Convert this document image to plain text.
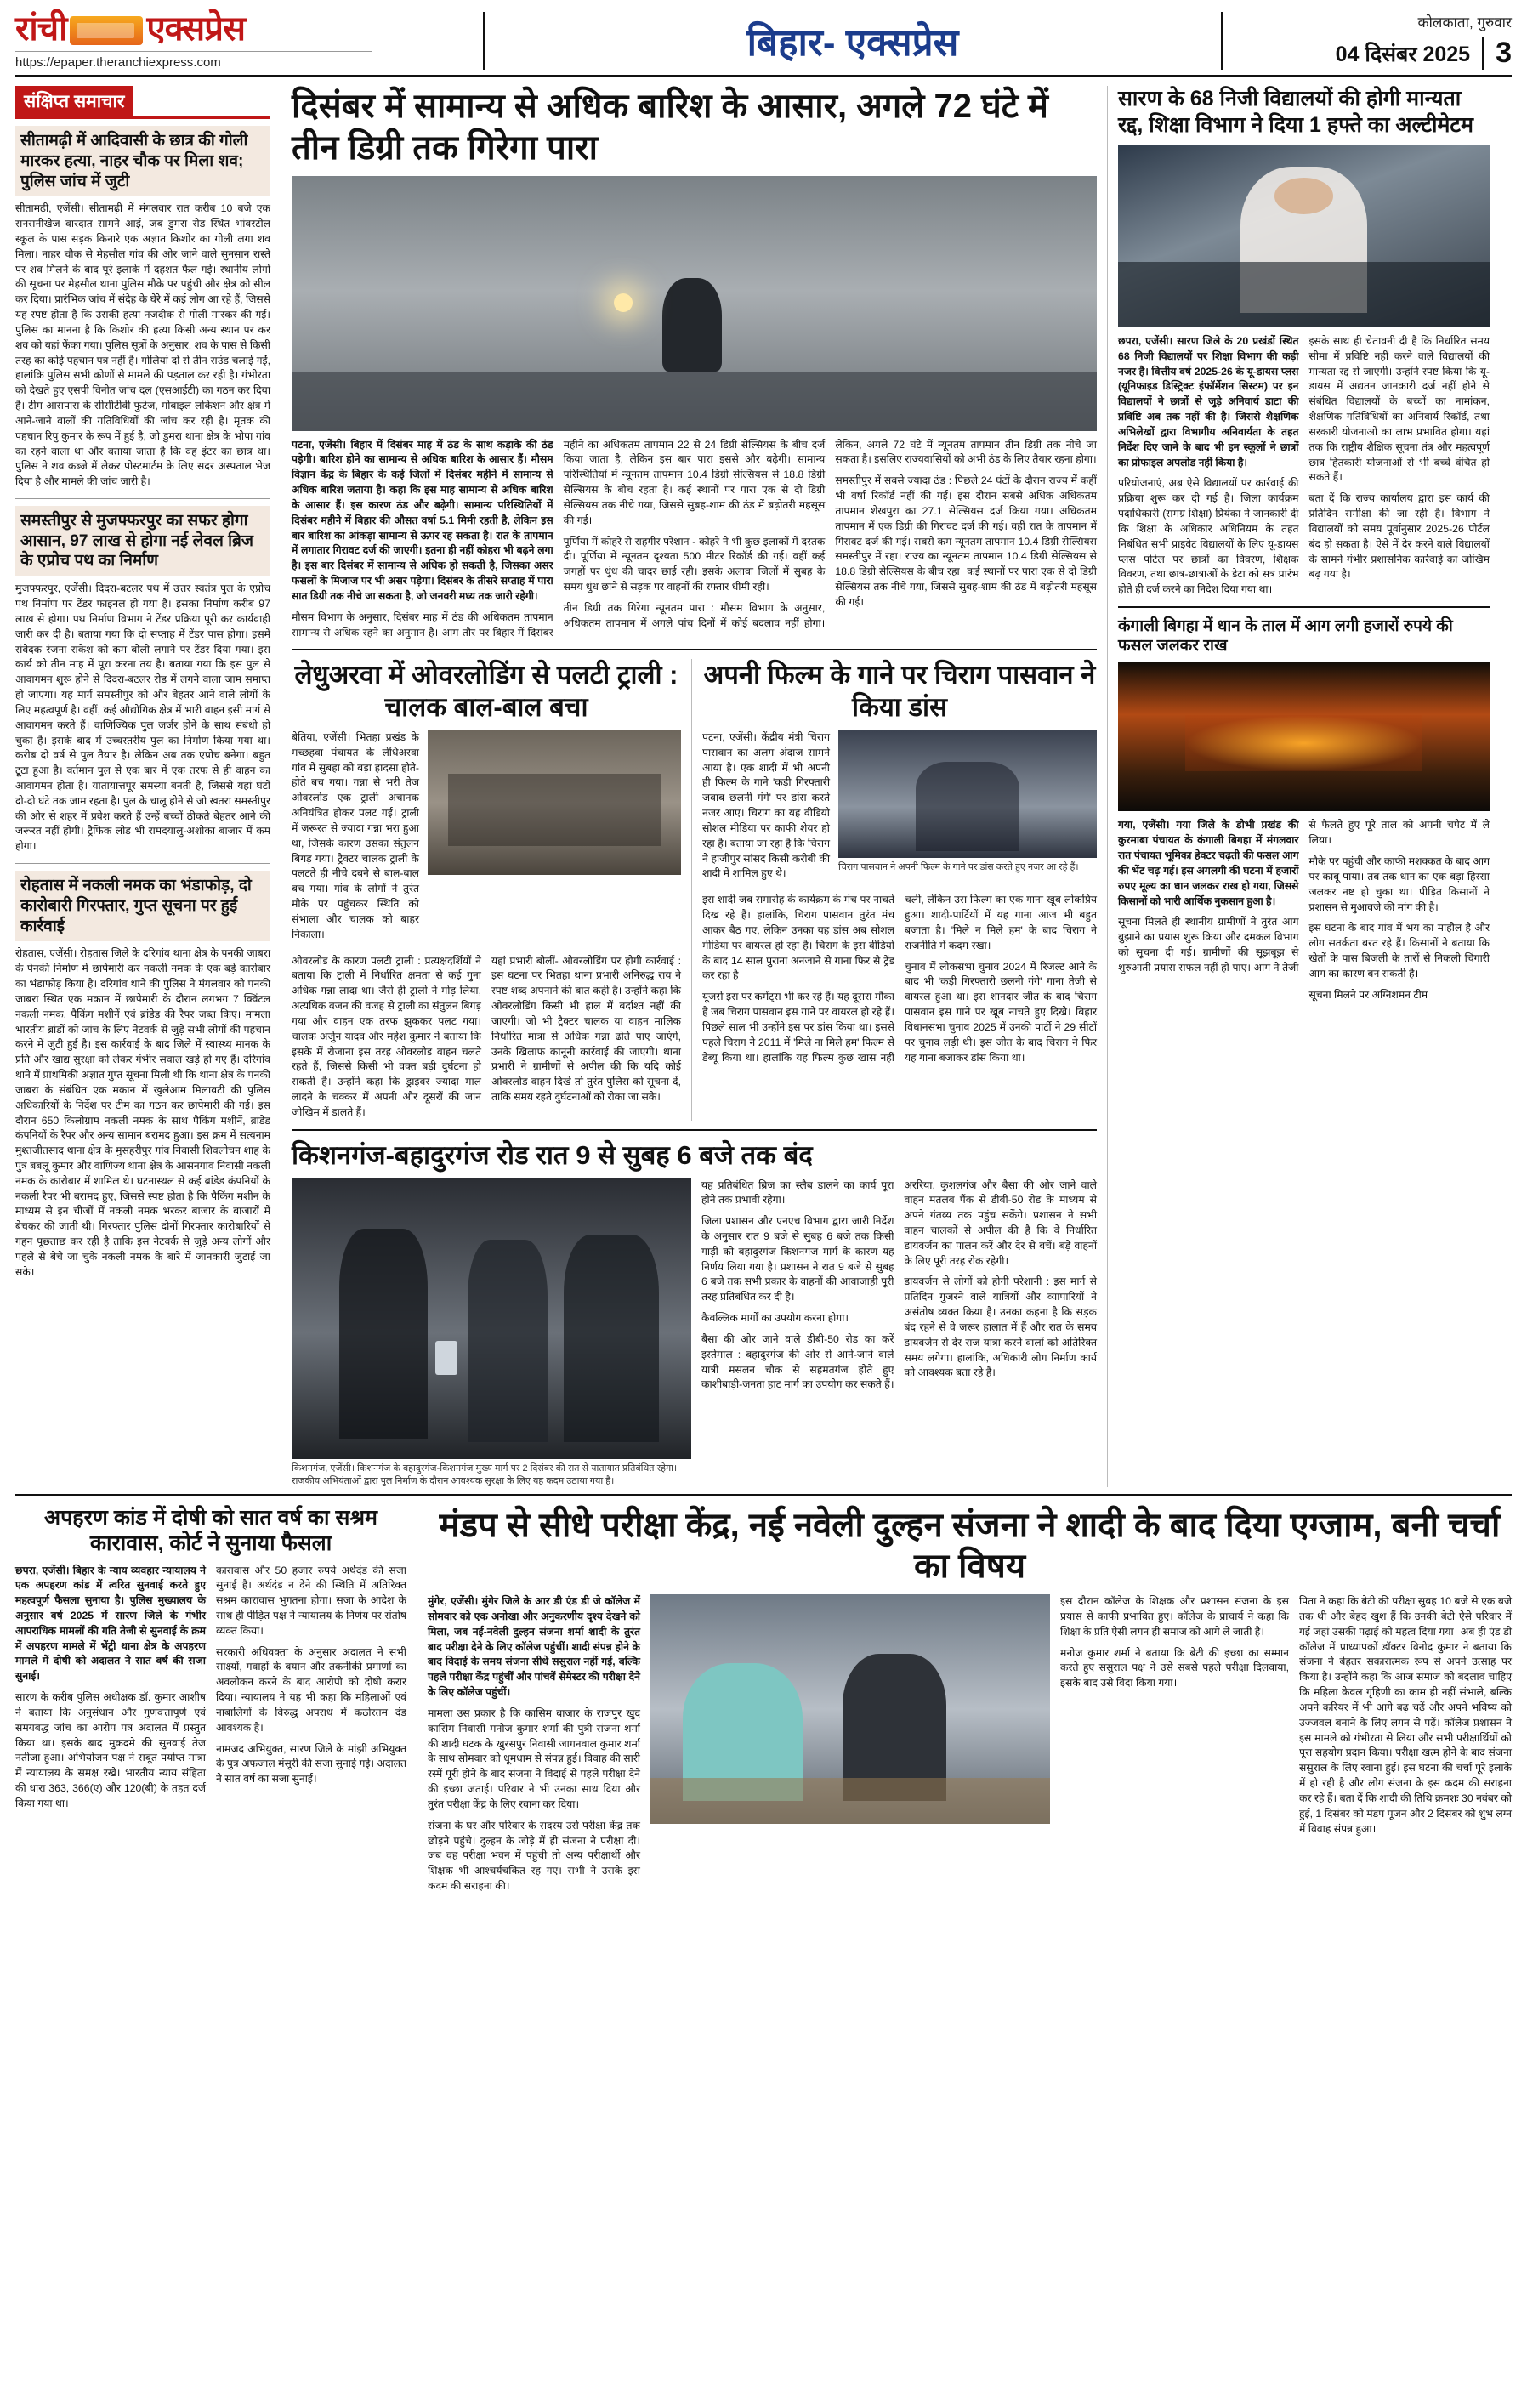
रांची एक्सप्रेस
https://epaper.theranchiexpress.com	बिहार- एक्सप्रेस	कोलकाता, गुरुवार
04 दिसंबर 2025 3
संक्षिप्त समाचार
सीतामढ़ी में आदिवासी के छात्र की गोली मारकर हत्या, नाहर चौक पर मिला शव; पुलिस जांच में जुटी

सीतामढ़ी, एजेंसी। सीतामढ़ी में मंगलवार रात करीब 10 बजे एक सनसनीखेज वारदात सामने आई, जब डुमरा रोड स्थित भांवरटोल स्कूल के पास सड़क किनारे एक अज्ञात किशोर का गोली लगा शव मिला। नाहर चौक से मेहसौल गांव की ओर जाने वाले सुनसान रास्ते पर शव मिलने के बाद पूरे इलाके में दहशत फैल गई। स्थानीय लोगों की सूचना पर मेहसौल थाना पुलिस मौके पर पहुंची और क्षेत्र को सील कर दिया। प्रारंभिक जांच में संदेह के घेरे में कई लोग आ रहे हैं, जिससे यह स्पष्ट होता है कि उसकी हत्या नजदीक से गोली मारकर की गई। पुलिस का मानना है कि किशोर की हत्या किसी अन्य स्थान पर कर शव को यहां फेंका गया। पुलिस सूत्रों के अनुसार, शव के पास से किसी तरह का कोई पहचान पत्र नहीं है। गोलियां दो से तीन राउंड चलाई गईं, हालांकि पुलिस सभी कोणों से मामले की पड़ताल कर रही है। गंभीरता को देखते हुए एसपी विनीत जांच दल (एसआईटी) का गठन कर दिया है। टीम आसपास के सीसीटीवी फुटेज, मोबाइल लोकेशन और क्षेत्र में आने-जाने वालों की गतिविधियों की जांच कर रही है। मृतक की पहचान रिपु कुमार के रूप में हुई है, जो डुमरा थाना क्षेत्र के भोपा गांव का रहने वाला था और बताया जाता है कि वह इंटर का छात्र था। पुलिस ने शव कब्जे में लेकर पोस्टमार्टम के लिए सदर अस्पताल भेज दिया है और मामले की जांच जारी है।

समस्तीपुर से मुजफ्फरपुर का सफर होगा आसान, 97 लाख से होगा नई लेवल ब्रिज के एप्रोच पथ का निर्माण

मुजफ्फरपुर, एजेंसी। दिदरा-बटलर पथ में उत्तर स्वतंत्र पुल के एप्रोच पथ निर्माण पर टेंडर फाइनल हो गया है। इसका निर्माण करीब 97 लाख से होगा। पथ निर्माण विभाग ने टेंडर प्रक्रिया पूरी कर कार्यवाही जारी कर दी है। बताया गया कि दो सप्ताह में टेंडर पास होगा। इसमें संवेदक रंजना राकेश को कम बोली लगाने पर टेंडर दिया गया। इस कार्य को तीन माह में पूरा करना तय है। बताया गया कि इस पुल से आवागमन शुरू होने से दिदरा-बटलर रोड में लगने वाला जाम समाप्त हो जाएगा। यह मार्ग समस्तीपुर को और बेहतर आने वाले लोगों के लिए महत्वपूर्ण है। वहीं, कई औद्योगिक क्षेत्र में भारी वाहन इसी मार्ग से आवागमन करते हैं। वाणिज्यिक पुल जर्जर होने के साथ संबंधी हो चुका है। इसके बाद में उच्चस्तरीय पुल का निर्माण किया गया था। करीब दो वर्ष से पुल तैयार है। लेकिन अब तक एप्रोच बनेगा। बहुत टूटा हुआ है। वर्तमान पुल से एक बार में एक तरफ से ही वाहन का आवागमन होता है। यातायात्तपूर समस्या बनती है, जिससे यहां घंटों दो-दो घंटे तक जाम रहता है। पुल के चालू होने से जो खतरा समस्तीपुर की ओर से शहर में प्रवेश करते हैं उन्हें बच्चों ठीकते बेहतर आने की जरूरत नहीं होगी। ट्रैफिक लोड भी रामदयालु-अशोका बाजार में कम होगा।

रोहतास में नकली नमक का भंडाफोड़, दो कारोबारी गिरफ्तार, गुप्त सूचना पर हुई कार्रवाई

रोहतास, एजेंसी। रोहतास जिले के दरिगांव थाना क्षेत्र के पनकी जाबरा के पेनकी निर्माण में छापेमारी कर नकली नमक के एक बड़े कारोबार का भंडाफोड़ किया है। दरिगांव थाने की पुलिस ने मंगलवार को पनकी जाबरा स्थित एक मकान में छापेमारी के दौरान लगभग 7 क्विंटल नकली नमक, पैकिंग मशीनें एवं ब्रांडेड की रैपर जब्त किए। मामला भारतीय ब्रांडों को जांच के लिए नेटवर्क से जुड़े सभी लोगों की पहचान करने में जुटी हुई है। इस कार्रवाई के बाद जिले में स्वास्थ्य मानक के प्रति और खाद्य सुरक्षा को लेकर गंभीर सवाल खड़े हो गए हैं। दरिगांव थाने में प्राथमिकी अज्ञात गुप्त सूचना मिली थी कि थाना क्षेत्र के पनकी जाबरा के संबंधित एक मकान में खुलेआम मिलावटी की पुलिस अधिकारियों के निर्देश पर टीम का गठन कर छापेमारी की गई। इस दौरान 650 किलोग्राम नकली नमक के साथ पैकिंग मशीनें, ब्रांडेड कंपनियों के रैपर और अन्य सामान बरामद हुआ। इस क्रम में सत्यनाम मुश्तजीतसाद थाना क्षेत्र के मुसहरीपुर गांव निवासी शिवलोचन शाह के पुत्र बबलू कुमार और वाणिज्य थाना क्षेत्र के आसनगांव निवासी नकली नमक के कारोबार में शामिल थे। घटनास्थल से कई ब्रांडेड कंपनियों के नकली रैपर भी बरामद हुए, जिससे स्पष्ट होता है कि पैकिंग मशीन के माध्यम से इन चीजों में नकली नमक भरकर बाजार के बाजारों में बेचकर की जाती थी। गिरफ्तार पुलिस दोनों गिरफ्तार कारोबारियों से गहन पूछताछ कर रही है ताकि इस नेटवर्क से जुड़े अन्य लोगों और पहले से बेचे जा चुके नकली नमक के बारे में जानकारी जुटाई जा सके।

दिसंबर में सामान्य से अधिक बारिश के आसार, अगले 72 घंटे में तीन डिग्री तक गिरेगा पारा

पटना, एजेंसी। बिहार में दिसंबर माह में ठंड के साथ कड़ाके की ठंड पड़ेगी। बारिश होने का सामान्य से अधिक बारिश के आसार हैं। मौसम विज्ञान केंद्र के बिहार के कई जिलों में दिसंबर महीने में सामान्य से अधिक बारिश जताया है। कहा कि इस माह सामान्य से अधिक बारिश के आसार हैं। इस कारण ठंड और बढ़ेगी। सामान्य परिस्थितियों में दिसंबर महीने में बिहार की औसत वर्षा 5.1 मिमी रहती है, लेकिन इस बार बारिश का आंकड़ा सामान्य से ऊपर रह सकता है। रात के तापमान में लगातार गिरावट दर्ज की जाएगी। इतना ही नहीं कोहरा भी बढ़ने लगा है। इस बार दिसंबर में सामान्य से अधिक हो सकती है, जिसका असर फसलों के मिजाज पर भी असर पड़ेगा। दिसंबर के तीसरे सप्ताह में पारा सात डिग्री तक नीचे जा सकता है, जो जनवरी मध्य तक जारी रहेगी।

मौसम विभाग के अनुसार, दिसंबर माह में ठंड की अधिकतम तापमान सामान्य से अधिक रहने का अनुमान है। आम तौर पर बिहार में दिसंबर महीने का अधिकतम तापमान 22 से 24 डिग्री सेल्सियस के बीच दर्ज किया जाता है, लेकिन इस बार पारा इससे और बढ़ेगी। सामान्य परिस्थितियों में न्यूनतम तापमान 10.4 डिग्री सेल्सियस से 18.8 डिग्री सेल्सियस के बीच रहता है। कई स्थानों पर पारा एक से दो डिग्री सेल्सियस तक नीचे गया, जिससे सुबह-शाम की ठंड में बढ़ोतरी महसूस की गई।

पूर्णिया में कोहरे से राहगीर परेशान - कोहरे ने भी कुछ इलाकों में दस्तक दी। पूर्णिया में न्यूनतम दृश्यता 500 मीटर रिकॉर्ड की गई। वहीं कई जगहों पर धुंध की चादर छाई रही। इसके अलावा जिलों में सुबह के समय धुंध छाने से सड़क पर वाहनों की रफ्तार धीमी रही।

तीन डिग्री तक गिरेगा न्यूनतम पारा : मौसम विभाग के अनुसार, अधिकतम तापमान में अगले पांच दिनों में कोई बदलाव नहीं होगा। लेकिन, अगले 72 घंटे में न्यूनतम तापमान तीन डिग्री तक नीचे जा सकता है। इसलिए राज्यवासियों को अभी ठंड के लिए तैयार रहना होगा।

समस्तीपुर में सबसे ज्यादा ठंड : पिछले 24 घंटों के दौरान राज्य में कहीं भी वर्षा रिकॉर्ड नहीं की गई। इस दौरान सबसे अधिक अधिकतम तापमान शेखपुरा का 27.1 सेल्सियस दर्ज किया गया। अधिकतम तापमान में एक डिग्री की गिरावट दर्ज की गई। वहीं रात के तापमान में गिरावट दर्ज की गई। सबसे कम न्यूनतम तापमान 10.4 डिग्री सेल्सियस समस्तीपुर में रहा। राज्य का न्यूनतम तापमान 10.4 डिग्री सेल्सियस से 18.8 डिग्री सेल्सियस के बीच रहा। कई स्थानों पर पारा एक से दो डिग्री सेल्सियस तक नीचे गया, जिससे सुबह-शाम की ठंड में बढ़ोतरी महसूस की गई।

लेधुअरवा में ओवरलोडिंग से पलटी ट्राली : चालक बाल-बाल बचा

बेतिया, एजेंसी। भितहा प्रखंड के मच्छहवा पंचायत के लेधिअरवा गांव में सुबहा को बड़ा हादसा होते-होते बच गया। गन्ना से भरी तेज ओवरलोड एक ट्राली अचानक अनियंत्रित होकर पलट गई। ट्राली में जरूरत से ज्यादा गन्ना भरा हुआ था, जिसके कारण उसका संतुलन बिगड़ गया। ट्रैक्टर चालक ट्राली के पलटते ही नीचे दबने से बाल-बाल बच गया। गांव के लोगों ने तुरंत मौके पर पहुंचकर स्थिति को संभाला और चालक को बाहर निकाला।

ओवरलोड के कारण पलटी ट्राली : प्रत्यक्षदर्शियों ने बताया कि ट्राली में निर्धारित क्षमता से कई गुना अधिक गन्ना लादा था। जैसे ही ट्राली ने मोड़ लिया, अत्यधिक वजन की वजह से ट्राली का संतुलन बिगड़ गया और वाहन एक तरफ झुककर पलट गया। चालक अर्जुन यादव और महेश कुमार ने बताया कि इसके में रोजाना इस तरह ओवरलोड वाहन चलते रहते हैं, जिससे किसी भी वक्त बड़ी दुर्घटना हो सकती है। उन्होंने कहा कि ड्राइवर ज्यादा माल लादने के चक्कर में अपनी और दूसरों की जान जोखिम में डालते हैं।

यहां प्रभारी बोलीं- ओवरलोडिंग पर होगी कार्रवाई : इस घटना पर भितहा थाना प्रभारी अनिरुद्ध राय ने स्पष्ट शब्द अपनाने की बात कही है। उन्होंने कहा कि ओवरलोडिंग किसी भी हाल में बर्दाश्त नहीं की जाएगी। जो भी ट्रैक्टर चालक या वाहन मालिक निर्धारित मात्रा से अधिक गन्ना ढोते पाए जाएंगे, उनके खिलाफ कानूनी कार्रवाई की जाएगी। थाना प्रभारी ने ग्रामीणों से अपील की कि यदि कोई ओवरलोड वाहन दिखे तो तुरंत पुलिस को सूचना दें, ताकि समय रहते दुर्घटनाओं को रोका जा सके।

अपनी फिल्म के गाने पर चिराग पासवान ने किया डांस

पटना, एजेंसी। केंद्रीय मंत्री चिराग पासवान का अलग अंदाज सामने आया है। एक शादी में भी अपनी ही फिल्म के गाने 'कड़ी गिरफ्तारी जवाब छलनी गंगे' पर डांस करते नजर आए। चिराग का यह वीडियो सोशल मीडिया पर काफी शेयर हो रहा है। बताया जा रहा है कि चिराग ने हाजीपुर सांसद किसी करीबी की शादी में शामिल हुए थे।

चिराग पासवान ने अपनी फिल्म के गाने पर डांस करते हुए नजर आ रहे हैं।

इस शादी जब समारोह के कार्यक्रम के मंच पर नाचते दिख रहे हैं। हालांकि, चिराग पासवान तुरंत मंच आकर बैठ गए, लेकिन उनका यह डांस अब सोशल मीडिया पर वायरल हो रहा है। चिराग के इस वीडियो के बाद 14 साल पुराना अनजाने से गाना फिर से ट्रेंड कर रहा है।

यूजर्स इस पर कमेंट्स भी कर रहे हैं। यह दूसरा मौका है जब चिराग पासवान इस गाने पर वायरल हो रहे हैं। पिछले साल भी उन्होंने इस पर डांस किया था। इससे पहले चिराग ने 2011 में 'मिले ना मिले हम' फिल्म से डेब्यू किया था। हालांकि यह फिल्म कुछ खास नहीं चली, लेकिन उस फिल्म का एक गाना खूब लोकप्रिय हुआ। शादी-पार्टियों में यह गाना आज भी बहुत बजाता है। 'मिले न मिले हम' के बाद चिराग ने राजनीति में कदम रखा।

चुनाव में लोकसभा चुनाव 2024 में रिजल्ट आने के बाद भी 'कड़ी गिरफ्तारी छलनी गंगे' गाना तेजी से वायरल हुआ था। इस शानदार जीत के बाद चिराग पासवान इस गाने पर खूब नाचते हुए दिखे। बिहार विधानसभा चुनाव 2025 में उनकी पार्टी ने 29 सीटों पर चुनाव लड़ी थी। इस जीत के बाद चिराग ने फिर यह गाना बजाकर डांस किया था।

किशनगंज-बहादुरगंज रोड रात 9 से सुबह 6 बजे तक बंद
किशनगंज, एजेंसी। किशनगंज के बहादुरगंज-किशनगंज मुख्य मार्ग पर 2 दिसंबर की रात से यातायात प्रतिबंधित रहेगा। राजकीय अभियंताओं द्वारा पुल निर्माण के दौरान आवश्यक सुरक्षा के लिए यह कदम उठाया गया है।

यह प्रतिबंधित ब्रिज का स्लैब डालने का कार्य पूरा होने तक प्रभावी रहेगा।

जिला प्रशासन और एनएच विभाग द्वारा जारी निर्देश के अनुसार रात 9 बजे से सुबह 6 बजे तक किसी गाड़ी को बहादुरगंज किशनगंज मार्ग के कारण यह निर्णय लिया गया है। प्रशासन ने रात 9 बजे से सुबह 6 बजे तक सभी प्रकार के वाहनों की आवाजाही पूरी तरह प्रतिबंधित कर दी है।

कैवल्लिक मार्गों का उपयोग करना होगा।

बैसा की ओर जाने वाले डीबी-50 रोड का करें इस्तेमाल : बहादुरगंज की ओर से आने-जाने वाले यात्री मसलन चौक से सहमतगंज होते हुए काशीबाड़ी-जनता हाट मार्ग का उपयोग कर सकते हैं। अररिया, कुशलगंज और बैसा की ओर जाने वाले वाहन मतलब पैंक से डीबी-50 रोड के माध्यम से अपने गंतव्य तक पहुंच सकेंगे। प्रशासन ने सभी वाहन चालकों से अपील की है कि वे निर्धारित डायवर्जन का पालन करें और देर से बचें। बड़े वाहनों के लिए पूरी तरह रोक रहेगी।

डायवर्जन से लोगों को होगी परेशानी : इस मार्ग से प्रतिदिन गुजरने वाले यात्रियों और व्यापारियों ने असंतोष व्यक्त किया है। उनका कहना है कि सड़क बंद रहने से वे जरूर हालात में हैं और रात के समय डायवर्जन से देर राज यात्रा करने वालों को अतिरिक्त समय लगेगा। हालांकि, अधिकारी लोग निर्माण कार्य को आवश्यक बता रहे हैं।

सारण के 68 निजी विद्यालयों की होगी मान्यता रद्द, शिक्षा विभाग ने दिया 1 हफ्ते का अल्टीमेटम

छपरा, एजेंसी। सारण जिले के 20 प्रखंडों स्थित 68 निजी विद्यालयों पर शिक्षा विभाग की कड़ी नजर है। वित्तीय वर्ष 2025-26 के यू-डायस प्लस (यूनिफाइड डिस्ट्रिक्ट इंफॉर्मेशन सिस्टम) पर इन विद्यालयों ने छात्रों से जुड़े अनिवार्य डाटा की प्रविष्टि अब तक नहीं की है। जिससे शैक्षणिक अभिलेखों द्वारा विभागीय अनिवार्यता के तहत निर्देश दिए जाने के बाद भी इन स्कूलों ने छात्रों का प्रोफाइल अपलोड नहीं किया है।

परियोजनाएं, अब ऐसे विद्यालयों पर कार्रवाई की प्रक्रिया शुरू कर दी गई है। जिला कार्यक्रम पदाधिकारी (समग्र शिक्षा) प्रियंका ने जानकारी दी कि शिक्षा के अधिकार अधिनियम के तहत निबंधित सभी प्राइवेट विद्यालयों के लिए यू-डायस प्लस पोर्टल पर छात्रों का विवरण, शिक्षक विवरण, तथा छात्र-छात्राओं के डेटा को सत्र प्रारंभ होते ही दर्ज करने का निदेश दिया गया था।

इसके साथ ही चेतावनी दी है कि निर्धारित समय सीमा में प्रविष्टि नहीं करने वाले विद्यालयों की मान्यता रद्द से जाएगी। उन्होंने स्पष्ट किया कि यू-डायस में अद्यतन जानकारी दर्ज नहीं होने से संबंधित विद्यालयों के बच्चों का नामांकन, शैक्षणिक गतिविधियों का अनिवार्य रिकॉर्ड, तथा सरकारी योजनाओं का लाभ प्रभावित होगा। यहां तक कि राष्ट्रीय शैक्षिक सूचना तंत्र और महत्वपूर्ण छात्र हितकारी योजनाओं से भी बच्चे वंचित हो सकते हैं।

बता दें कि राज्य कार्यालय द्वारा इस कार्य की प्रतिदिन समीक्षा की जा रही है। विभाग ने विद्यालयों को समय पूर्वानुसार 2025-26 पोर्टल बंद हो सकता है। ऐसे में देर करने वाले विद्यालयों के सामने गंभीर प्रशासनिक कार्रवाई का जोखिम बढ़ गया है।

कंगाली बिगहा में धान के ताल में आग लगी हजारों रुपये की फसल जलकर राख

गया, एजेंसी। गया जिले के डोभी प्रखंड की कुरमाबा पंचायत के कंगाली बिगहा में मंगलवार रात पंचायत भूमिका हेक्टर चढ़ती की फसल आग की भेंट चढ़ गई। इस अगलगी की घटना में हजारों रुपए मूल्य का धान जलकर राख हो गया, जिससे किसानों को भारी आर्थिक नुकसान हुआ है।

सूचना मिलते ही स्थानीय ग्रामीणों ने तुरंत आग बुझाने का प्रयास शुरू किया और दमकल विभाग को सूचना दी गई। ग्रामीणों की सूझबूझ से शुरुआती प्रयास सफल नहीं हो पाए। आग ने तेजी से फैलते हुए पूरे ताल को अपनी चपेट में ले लिया।

मौके पर पहुंची और काफी मशक्कत के बाद आग पर काबू पाया। तब तक धान का एक बड़ा हिस्सा जलकर नष्ट हो चुका था। पीड़ित किसानों ने प्रशासन से मुआवजे की मांग की है।

इस घटना के बाद गांव में भय का माहौल है और लोग सतर्कता बरत रहे हैं। किसानों ने बताया कि खेतों के पास बिजली के तारों से निकली चिंगारी आग का कारण बन सकती है।

सूचना मिलने पर अग्निशमन टीम

अपहरण कांड में दोषी को सात वर्ष का सश्रम कारावास, कोर्ट ने सुनाया फैसला

छपरा, एजेंसी। बिहार के न्याय व्यवहार न्यायालय ने एक अपहरण कांड में त्वरित सुनवाई करते हुए महत्वपूर्ण फैसला सुनाया है। पुलिस मुख्यालय के अनुसार वर्ष 2025 में सारण जिले के गंभीर आपराधिक मामलों की गति तेजी से सुनवाई के क्रम में अपहरण मामले में भेंट्री थाना क्षेत्र के अपहरण मामले में दोषी को अदालत ने सात वर्ष की सजा सुनाई।

सारण के करीब पुलिस अधीक्षक डॉ. कुमार आशीष ने बताया कि अनुसंधान और गुणवत्तापूर्ण एवं समयबद्ध जांच का आरोप पत्र अदालत में प्रस्तुत किया था। इसके बाद मुकदमे की सुनवाई तेज नतीजा हुआ। अभियोजन पक्ष ने सबूत पर्याप्त मात्रा में न्यायालय के समक्ष रखे। भारतीय न्याय संहिता की धारा 363, 366(ए) और 120(बी) के तहत दर्ज किया गया था।

कारावास और 50 हजार रुपये अर्थदंड की सजा सुनाई है। अर्थदंड न देने की स्थिति में अतिरिक्त सश्रम कारावास भुगतना होगा। सजा के आदेश के साथ ही पीड़ित पक्ष ने न्यायालय के निर्णय पर संतोष व्यक्त किया।

सरकारी अधिवक्ता के अनुसार अदालत ने सभी साक्ष्यों, गवाहों के बयान और तकनीकी प्रमाणों का अवलोकन करने के बाद आरोपी को दोषी करार दिया। न्यायालय ने यह भी कहा कि महिलाओं एवं नाबालिगों के विरुद्ध अपराध में कठोरतम दंड आवश्यक है।

नामजद अभियुक्त, सारण जिले के मांझी अभियुक्त के पुत्र अफजाल मंसूरी की सजा सुनाई गई। अदालत ने सात वर्ष का सजा सुनाई।

मंडप से सीधे परीक्षा केंद्र, नई नवेली दुल्हन संजना ने शादी के बाद दिया एग्जाम, बनी चर्चा का विषय

मुंगेर, एजेंसी। मुंगेर जिले के आर डी एंड डी जे कॉलेज में सोमवार को एक अनोखा और अनुकरणीय दृश्य देखने को मिला, जब नई-नवेली दुल्हन संजना शर्मा शादी के तुरंत बाद परीक्षा देने के लिए कॉलेज पहुंचीं। शादी संपन्न होने के बाद विदाई के समय संजना सीधे ससुराल नहीं गईं, बल्कि पहले परीक्षा केंद्र पहुंचीं और पांचवें सेमेस्टर की परीक्षा देने के लिए कॉलेज पहुंचीं।

मामला उस प्रकार है कि कासिम बाजार के राजपुर खुद कासिम निवासी मनोज कुमार शर्मा की पुत्री संजना शर्मा की शादी घटक के खुरसपुर निवासी जागनवाल कुमार शर्मा के साथ सोमवार को धूमधाम से संपन्न हुई। विवाह की सारी रस्में पूरी होने के बाद संजना ने विदाई से पहले परीक्षा देने की इच्छा जताई। परिवार ने भी उनका साथ दिया और तुरंत परीक्षा केंद्र के लिए रवाना कर दिया।

संजना के घर और परिवार के सदस्य उसे परीक्षा केंद्र तक छोड़ने पहुंचे। दुल्हन के जोड़े में ही संजना ने परीक्षा दी। जब वह परीक्षा भवन में पहुंची तो अन्य परीक्षार्थी और शिक्षक भी आश्चर्यचकित रह गए। सभी ने उसके इस कदम की सराहना की।

इस दौरान कॉलेज के शिक्षक और प्रशासन संजना के इस प्रयास से काफी प्रभावित हुए। कॉलेज के प्राचार्य ने कहा कि शिक्षा के प्रति ऐसी लगन ही समाज को आगे ले जाती है।

मनोज कुमार शर्मा ने बताया कि बेटी की इच्छा का सम्मान करते हुए ससुराल पक्ष ने उसे सबसे पहले परीक्षा दिलवाया, इसके बाद उसे विदा किया गया।

पिता ने कहा कि बेटी की परीक्षा सुबह 10 बजे से एक बजे तक थी और बेहद खुश हैं कि उनकी बेटी ऐसे परिवार में गई जहां उसकी पढ़ाई को महत्व दिया गया। अब ही एंड डी कॉलेज में प्राध्यापकों डॉक्टर विनोद कुमार ने बताया कि संजना ने बेहतर सकारात्मक रूप से अपने उत्साह पर किया है। उन्होंने कहा कि आज समाज को बदलाव चाहिए कि महिला केवल गृहिणी का काम ही नहीं संभाले, बल्कि अपने करियर में भी आगे बढ़ चढ़ें और अपने भविष्य को उज्जवल बनाने के लिए लगन से पढ़ें। कॉलेज प्रशासन ने इस मामले को गंभीरता से लिया और सभी परीक्षार्थियों को पूरा सहयोग प्रदान किया। परीक्षा खत्म होने के बाद संजना ससुराल के लिए रवाना हुईं। इस घटना की चर्चा पूरे इलाके में हो रही है और लोग संजना के इस कदम की सराहना कर रहे हैं। बता दें कि शादी की तिथि क्रमशः 30 नवंबर को हुई, 1 दिसंबर को मंडप पूजन और 2 दिसंबर को शुभ लग्न में विवाह संपन्न हुआ।
